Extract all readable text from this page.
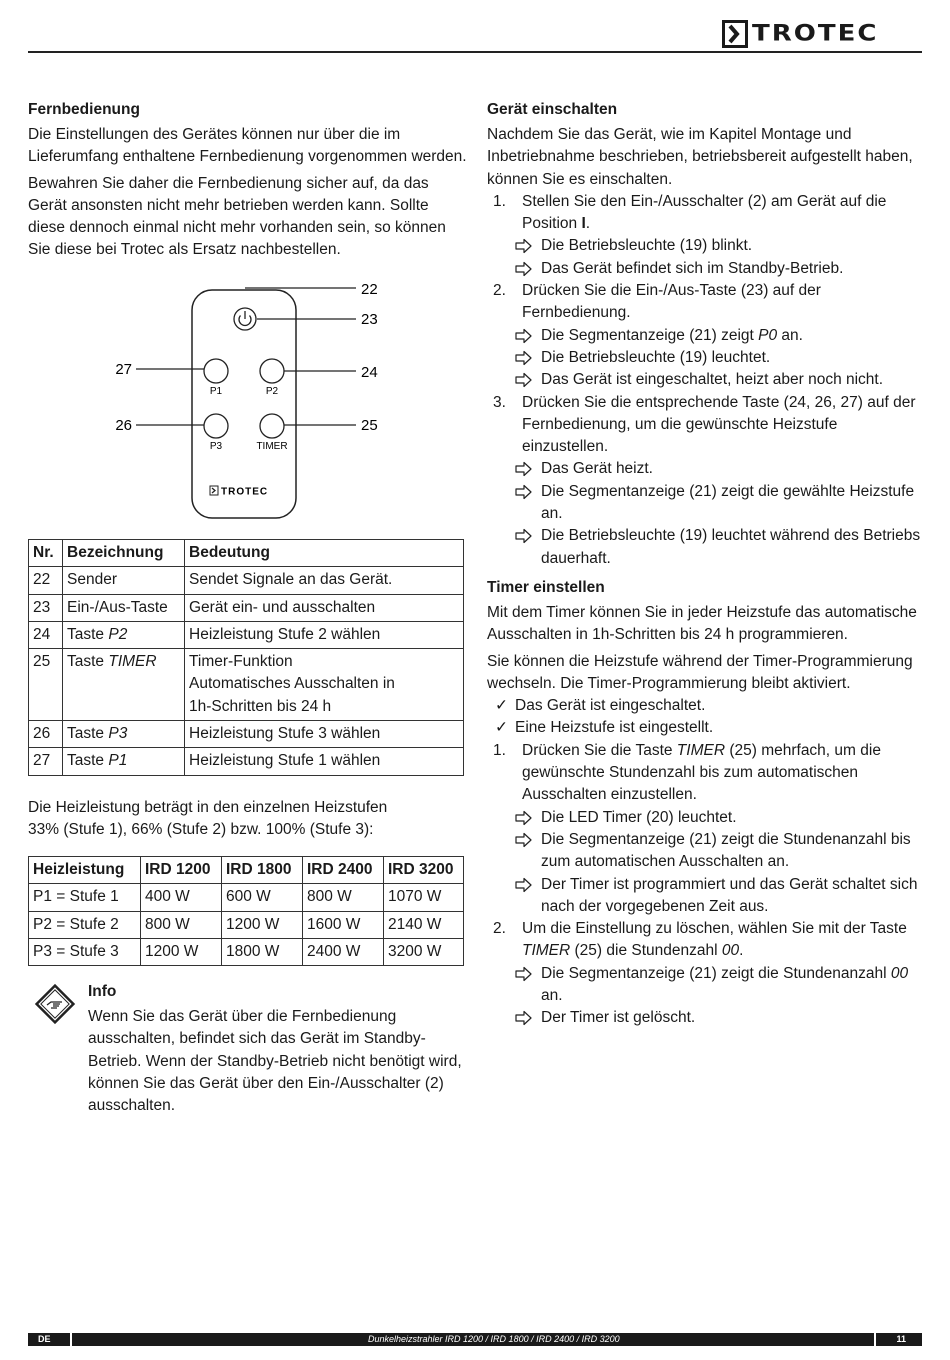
TROTEC
Fernbedienung

Die Einstellungen des Gerätes können nur über die im Lieferumfang enthaltene Fernbedienung vorgenommen werden.

Bewahren Sie daher die Fernbedienung sicher auf, da das Gerät ansonsten nicht mehr betrieben werden kann. Sollte diese dennoch einmal nicht mehr vorhanden sein, so können Sie diese bei Trotec als Ersatz nachbestellen.

P1	P2
P3	TIMER
TROTEC
22
23
24
25
26
27
Nr.	Bezeichnung	Bedeutung
22	Sender	Sendet Signale an das Gerät.

23	Ein-/Aus-Taste	Gerät ein- und ausschalten

24	Taste P2	Heizleistung Stufe 2 wählen

25	Taste TIMER	Timer-Funktion
Automatisches Ausschalten in
1h-Schritten bis 24 h

26	Taste P3	Heizleistung Stufe 3 wählen

27	Taste P1	Heizleistung Stufe 1 wählen
Die Heizleistung beträgt in den einzelnen Heizstufen
33% (Stufe 1), 66% (Stufe 2) bzw. 100% (Stufe 3):
Heizleistung	IRD 1200	IRD 1800	IRD 2400	IRD 3200
P1 = Stufe 1	400 W	600 W	800 W	1070 W
P2 = Stufe 2	800 W	1200 W	1600 W	2140 W
P3 = Stufe 3	1200 W	1800 W	2400 W	3200 W
Info
Wenn Sie das Gerät über die Fernbedienung ausschalten, befindet sich das Gerät im Standby-Betrieb. Wenn der Standby-Betrieb nicht benötigt wird, können Sie das Gerät über den Ein-/Ausschalter (2) ausschalten.
Gerät einschalten

Nachdem Sie das Gerät, wie im Kapitel Montage und Inbetriebnahme beschrieben, betriebsbereit aufgestellt haben, können Sie es einschalten.

1. Stellen Sie den Ein-/Ausschalter (2) am Gerät auf die Position I.
Die Betriebsleuchte (19) blinkt.
Das Gerät befindet sich im Standby-Betrieb.
2. Drücken Sie die Ein-/Aus-Taste (23) auf der Fernbedienung.
Die Segmentanzeige (21) zeigt P0 an.
Die Betriebsleuchte (19) leuchtet.
Das Gerät ist eingeschaltet, heizt aber noch nicht.
3. Drücken Sie die entsprechende Taste (24, 26, 27) auf der Fernbedienung, um die gewünschte Heizstufe einzustellen.
Das Gerät heizt.
Die Segmentanzeige (21) zeigt die gewählte Heizstufe an.
Die Betriebsleuchte (19) leuchtet während des Betriebs dauerhaft.
Timer einstellen

Mit dem Timer können Sie in jeder Heizstufe das automatische Ausschalten in 1h-Schritten bis 24 h programmieren.

Sie können die Heizstufe während der Timer-Programmierung wechseln. Die Timer-Programmierung bleibt aktiviert.

✓ Das Gerät ist eingeschaltet.
✓ Eine Heizstufe ist eingestellt.
1. Drücken Sie die Taste TIMER (25) mehrfach, um die gewünschte Stundenzahl bis zum automatischen Ausschalten einzustellen.
Die LED Timer (20) leuchtet.
Die Segmentanzeige (21) zeigt die Stundenanzahl bis zum automatischen Ausschalten an.
Der Timer ist programmiert und das Gerät schaltet sich nach der vorgegebenen Zeit aus.
2. Um die Einstellung zu löschen, wählen Sie mit der Taste TIMER (25) die Stundenzahl 00.
Die Segmentanzeige (21) zeigt die Stundenanzahl 00 an.
Der Timer ist gelöscht.
DE	Dunkelheizstrahler IRD 1200 / IRD 1800 / IRD 2400 / IRD 3200	11
